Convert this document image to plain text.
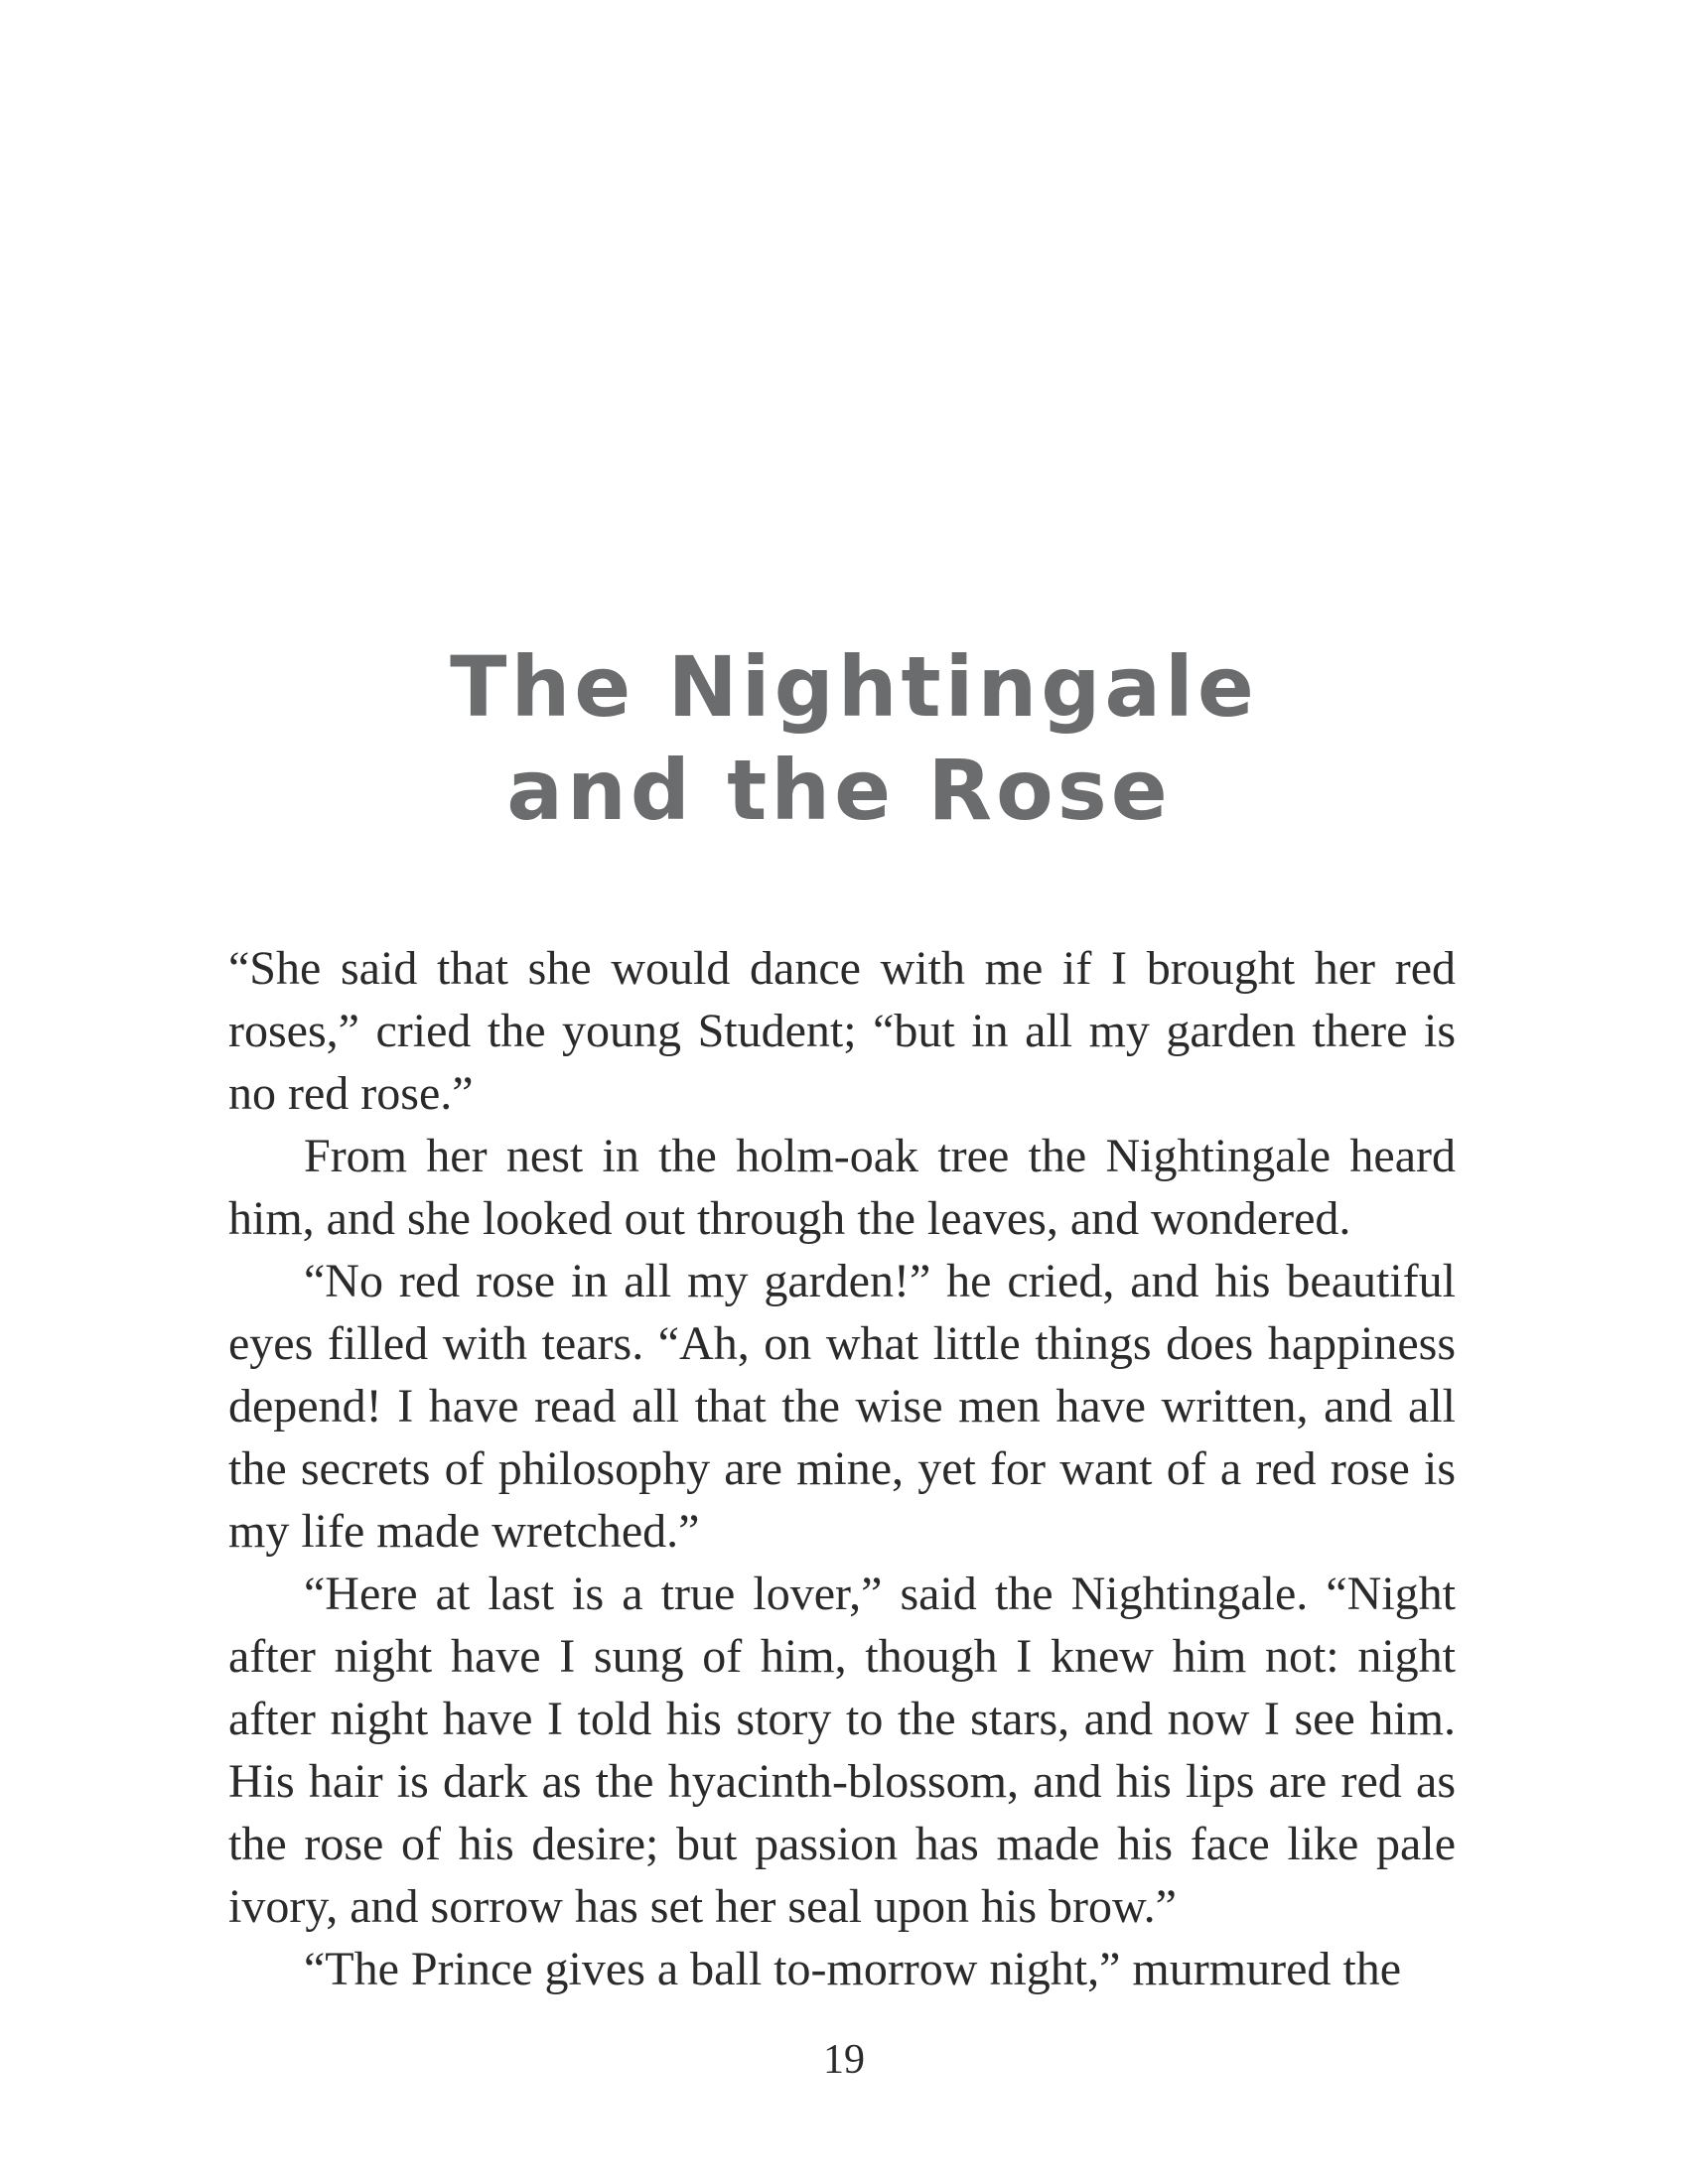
The Nightingale
and the Rose

“She said that she would dance with me if I brought her red roses,” cried the young Student; “but in all my garden there is no red rose.”

From her nest in the holm-oak tree the Nightingale heard him, and she looked out through the leaves, and wondered.

“No red rose in all my garden!” he cried, and his beautiful eyes filled with tears. “Ah, on what little things does happiness depend! I have read all that the wise men have written, and all the secrets of philosophy are mine, yet for want of a red rose is my life made wretched.”

“Here at last is a true lover,” said the Nightingale. “Night after night have I sung of him, though I knew him not: night after night have I told his story to the stars, and now I see him. His hair is dark as the hyacinth-blossom, and his lips are red as the rose of his desire; but passion has made his face like pale ivory, and sorrow has set her seal upon his brow.”

“The Prince gives a ball to-morrow night,” murmured the

19
